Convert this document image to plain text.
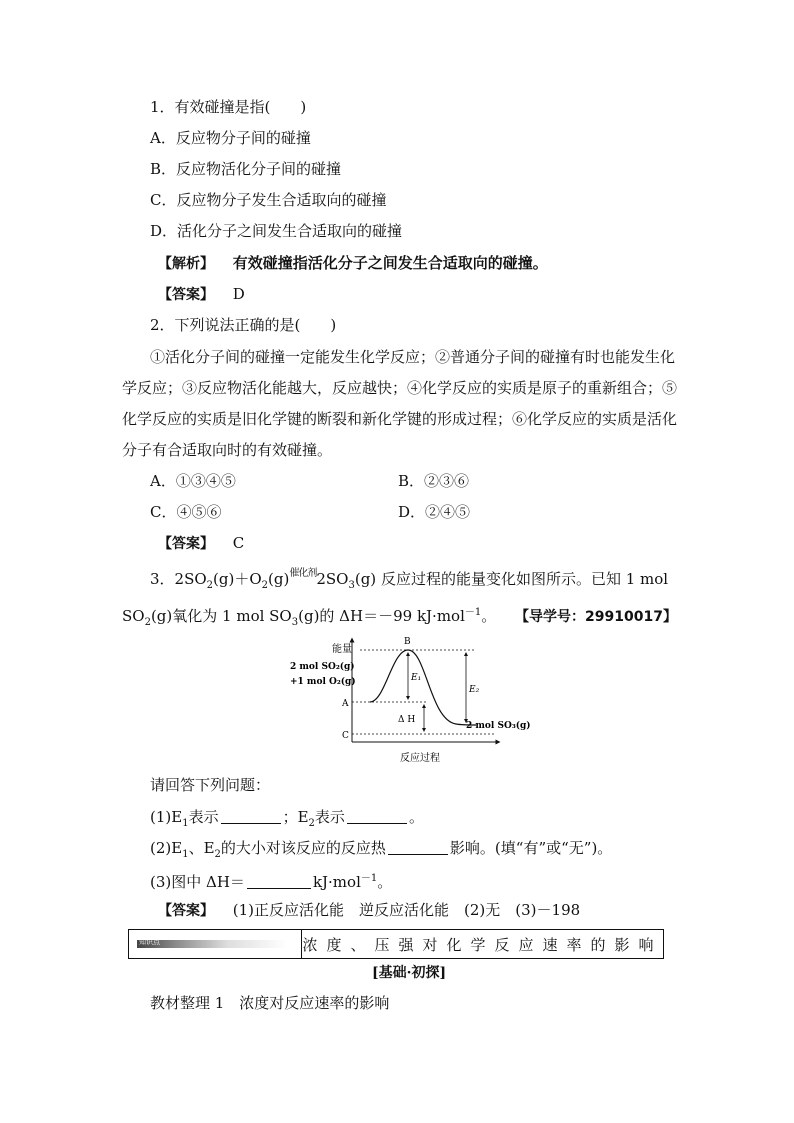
1．有效碰撞是指(　　)
A．反应物分子间的碰撞
B．反应物活化分子间的碰撞
C．反应物分子发生合适取向的碰撞
D．活化分子之间发生合适取向的碰撞
【解析】 有效碰撞指活化分子之间发生合适取向的碰撞。
【答案】 D
2．下列说法正确的是(　　)
①活化分子间的碰撞一定能发生化学反应；②普通分子间的碰撞有时也能发生化学反应；③反应物活化能越大，反应越快；④化学反应的实质是原子的重新组合；⑤化学反应的实质是旧化学键的断裂和新化学键的形成过程；⑥化学反应的实质是活化分子有合适取向时的有效碰撞。
A．①③④⑤	B．②③⑥
C．④⑤⑥	D．②④⑤
【答案】 C
3．$2SO_2(g)+O_2(g)^{催化剂}2SO_3(g)$ 反应过程的能量变化如图所示。已知 1 mol
$SO_2(g)$氧化为 1 mol $SO_3(g)$的 ΔH＝－99 kJ·mol$^{-1}$。 【导学号：29910017】
能量
2 mol SO₂(g)
+1 mol O₂(g)
A
C
B
E₁
Δ H
E₂
2 mol SO₃(g)
反应过程
请回答下列问题：
$(1)E_1$表示	；$E_2$表示	。
$(2)E_1$、$E_2$的大小对该反应的反应热	影响。(填“有”或“无”)。
(3)图中 ΔH＝	kJ·mol$^{-1}$。
【答案】 (1)正反应活化能　逆反应活化能　(2)无　(3)－198
知识点	浓度、压强对化学反应速率的影响
[基础·初探]
教材整理 1　浓度对反应速率的影响
